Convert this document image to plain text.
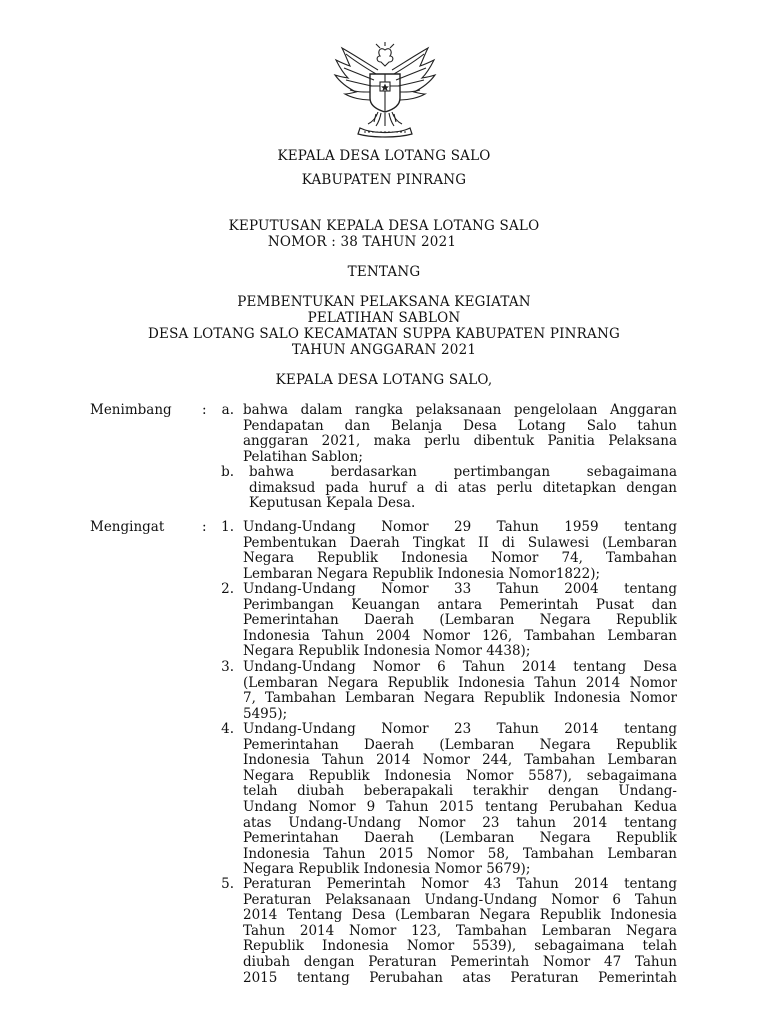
KEPALA DESA LOTANG SALO
KABUPATEN PINRANG
KEPUTUSAN KEPALA DESA LOTANG SALO
NOMOR : 38 TAHUN 2021
TENTANG
PEMBENTUKAN PELAKSANA KEGIATAN
PELATIHAN SABLON
DESA LOTANG SALO KECAMATAN SUPPA KABUPATEN PINRANG
TAHUN ANGGARAN 2021
KEPALA DESA LOTANG SALO,
Menimbang :	a. bahwa dalam rangka pelaksanaan pengelolaan Anggaran
Pendapatan dan Belanja Desa Lotang Salo tahun
anggaran 2021, maka perlu dibentuk Panitia Pelaksana
Pelatihan Sablon;
b. bahwa berdasarkan pertimbangan sebagaimana
dimaksud pada huruf a di atas perlu ditetapkan dengan
Keputusan Kepala Desa.
Mengingat	:	1. Undang-Undang Nomor 29 Tahun 1959 tentang
Pembentukan Daerah Tingkat II di Sulawesi (Lembaran
Negara Republik Indonesia Nomor 74, Tambahan
Lembaran Negara Republik Indonesia Nomor1822);
2. Undang-Undang Nomor 33 Tahun 2004 tentang
Perimbangan Keuangan antara Pemerintah Pusat dan
Pemerintahan Daerah (Lembaran Negara Republik
Indonesia Tahun 2004 Nomor 126, Tambahan Lembaran
Negara Republik Indonesia Nomor 4438);
3. Undang-Undang Nomor 6 Tahun 2014 tentang Desa
(Lembaran Negara Republik Indonesia Tahun 2014 Nomor
7, Tambahan Lembaran Negara Republik Indonesia Nomor
5495);
4. Undang-Undang Nomor 23 Tahun 2014 tentang
Pemerintahan Daerah (Lembaran Negara Republik
Indonesia Tahun 2014 Nomor 244, Tambahan Lembaran
Negara Republik Indonesia Nomor 5587), sebagaimana
telah diubah beberapakali terakhir dengan Undang-
Undang Nomor 9 Tahun 2015 tentang Perubahan Kedua
atas Undang-Undang Nomor 23 tahun 2014 tentang
Pemerintahan Daerah (Lembaran Negara Republik
Indonesia Tahun 2015 Nomor 58, Tambahan Lembaran
Negara Republik Indonesia Nomor 5679);
5. Peraturan Pemerintah Nomor 43 Tahun 2014 tentang
Peraturan Pelaksanaan Undang-Undang Nomor 6 Tahun
2014 Tentang Desa (Lembaran Negara Republik Indonesia
Tahun 2014 Nomor 123, Tambahan Lembaran Negara
Republik Indonesia Nomor 5539), sebagaimana telah
diubah dengan Peraturan Pemerintah Nomor 47 Tahun
2015 tentang Perubahan atas Peraturan Pemerintah
